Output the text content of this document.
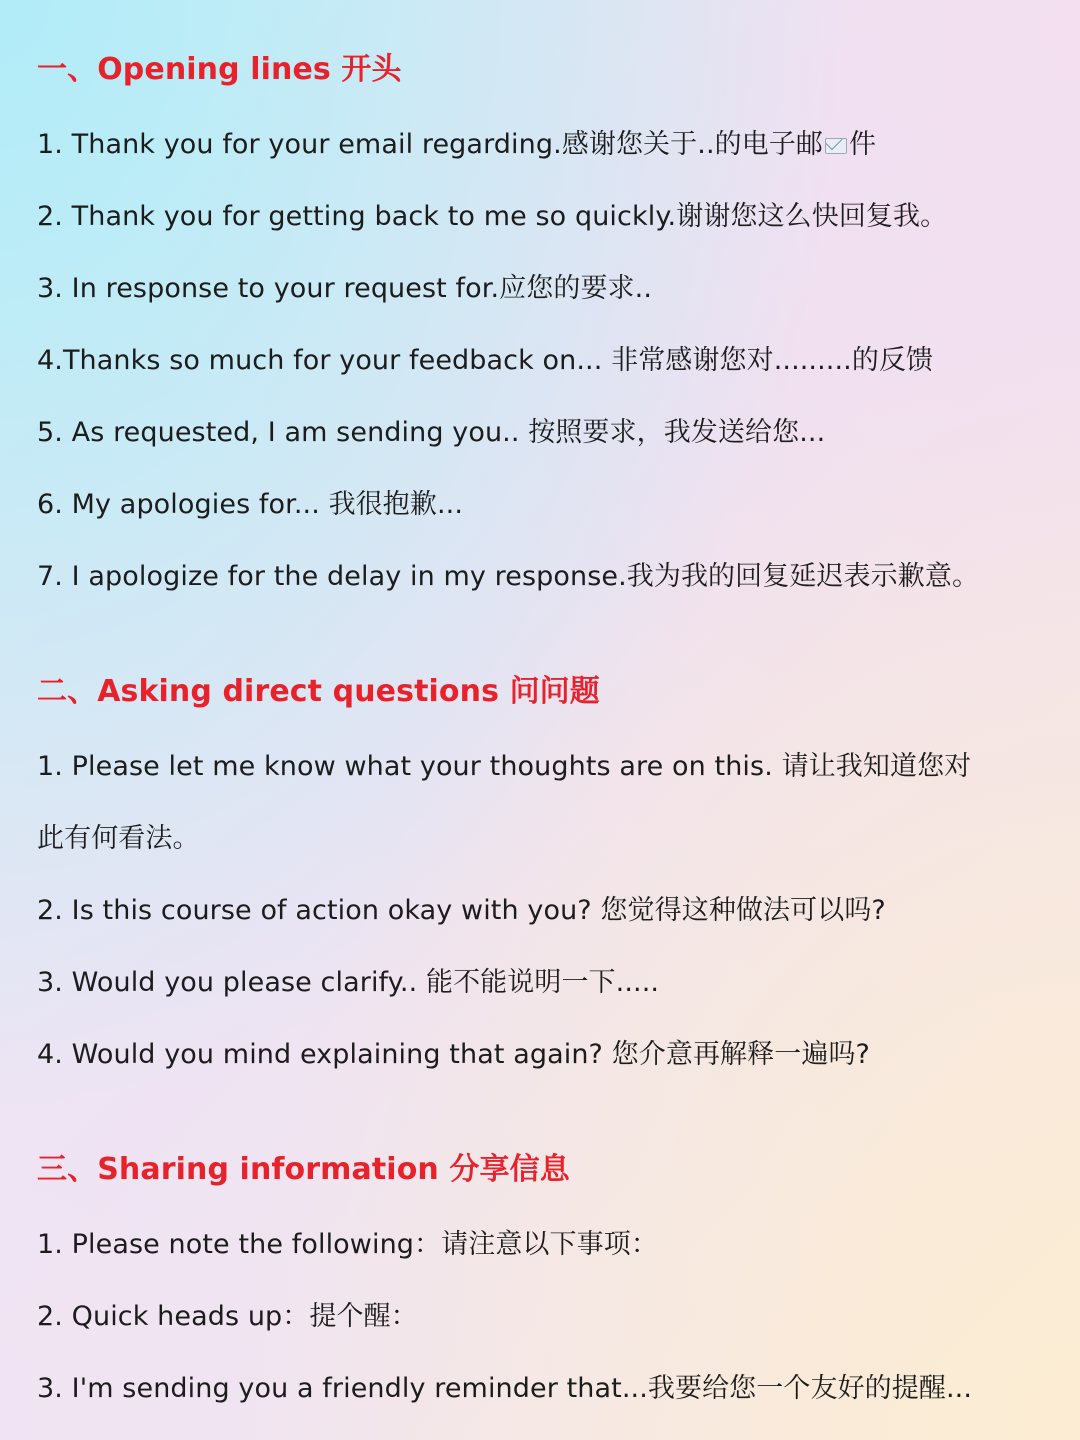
一、Opening lines 开头
1. Thank you for your email regarding.感谢您关于..的电子邮 件
2. Thank you for getting back to me so quickly.谢谢您这么快回复我。
3. In response to your request for.应您的要求..
4.Thanks so much for your feedback on... 非常感谢您对.........的反馈
5. As requested, I am sending you.. 按照要求，我发送给您...
6. My apologies for... 我很抱歉...
7. I apologize for the delay in my response.我为我的回复延迟表示歉意。
二、Asking direct questions 问问题
1. Please let me know what your thoughts are on this. 请让我知道您对
此有何看法。
2. Is this course of action okay with you? 您觉得这种做法可以吗?
3. Would you please clarify.. 能不能说明一下.....
4. Would you mind explaining that again? 您介意再解释一遍吗?
三、Sharing information 分享信息
1. Please note the following：请注意以下事项：
2. Quick heads up：提个醒：
3. I'm sending you a friendly reminder that...我要给您一个友好的提醒...
